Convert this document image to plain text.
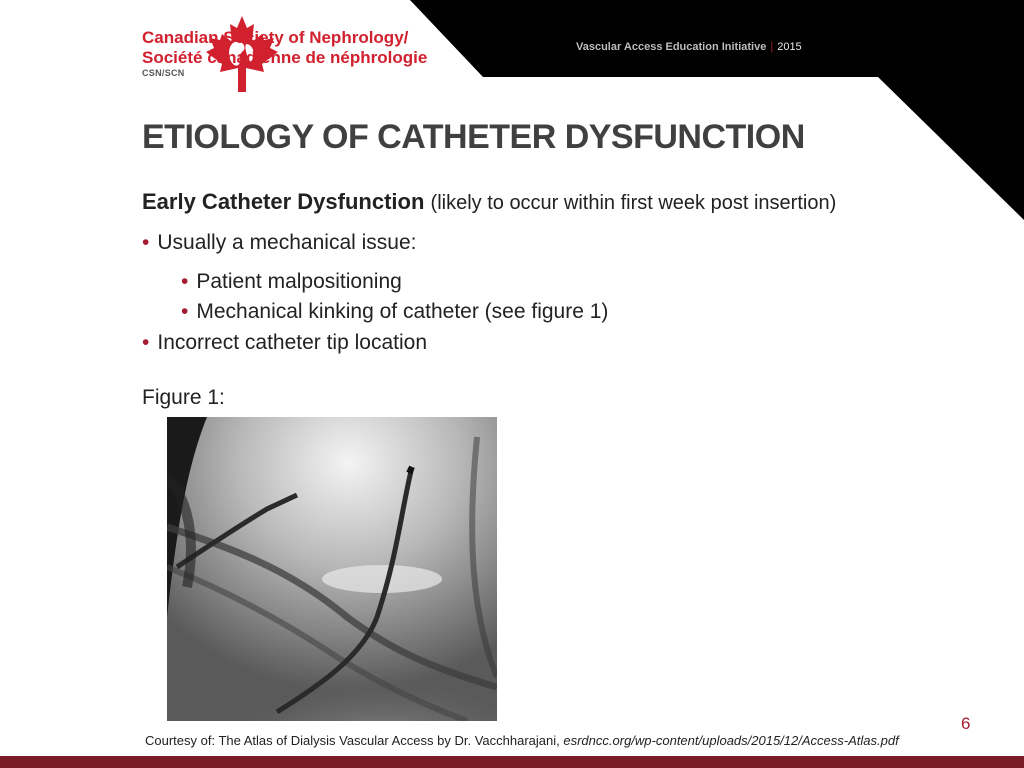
Canadian Society of Nephrology/
Société canadienne de néphrologie
CSN/SCN
Vascular Access Education Initiative | 2015
ETIOLOGY OF CATHETER DYSFUNCTION
Early Catheter Dysfunction (likely to occur within first week post insertion)
• Usually a mechanical issue:
• Patient malpositioning
• Mechanical kinking of catheter (see figure 1)
• Incorrect catheter tip location
Figure 1:
6
Courtesy of: The Atlas of Dialysis Vascular Access by Dr. Vacchharajani, esrdncc.org/wp-content/uploads/2015/12/Access-Atlas.pdf
